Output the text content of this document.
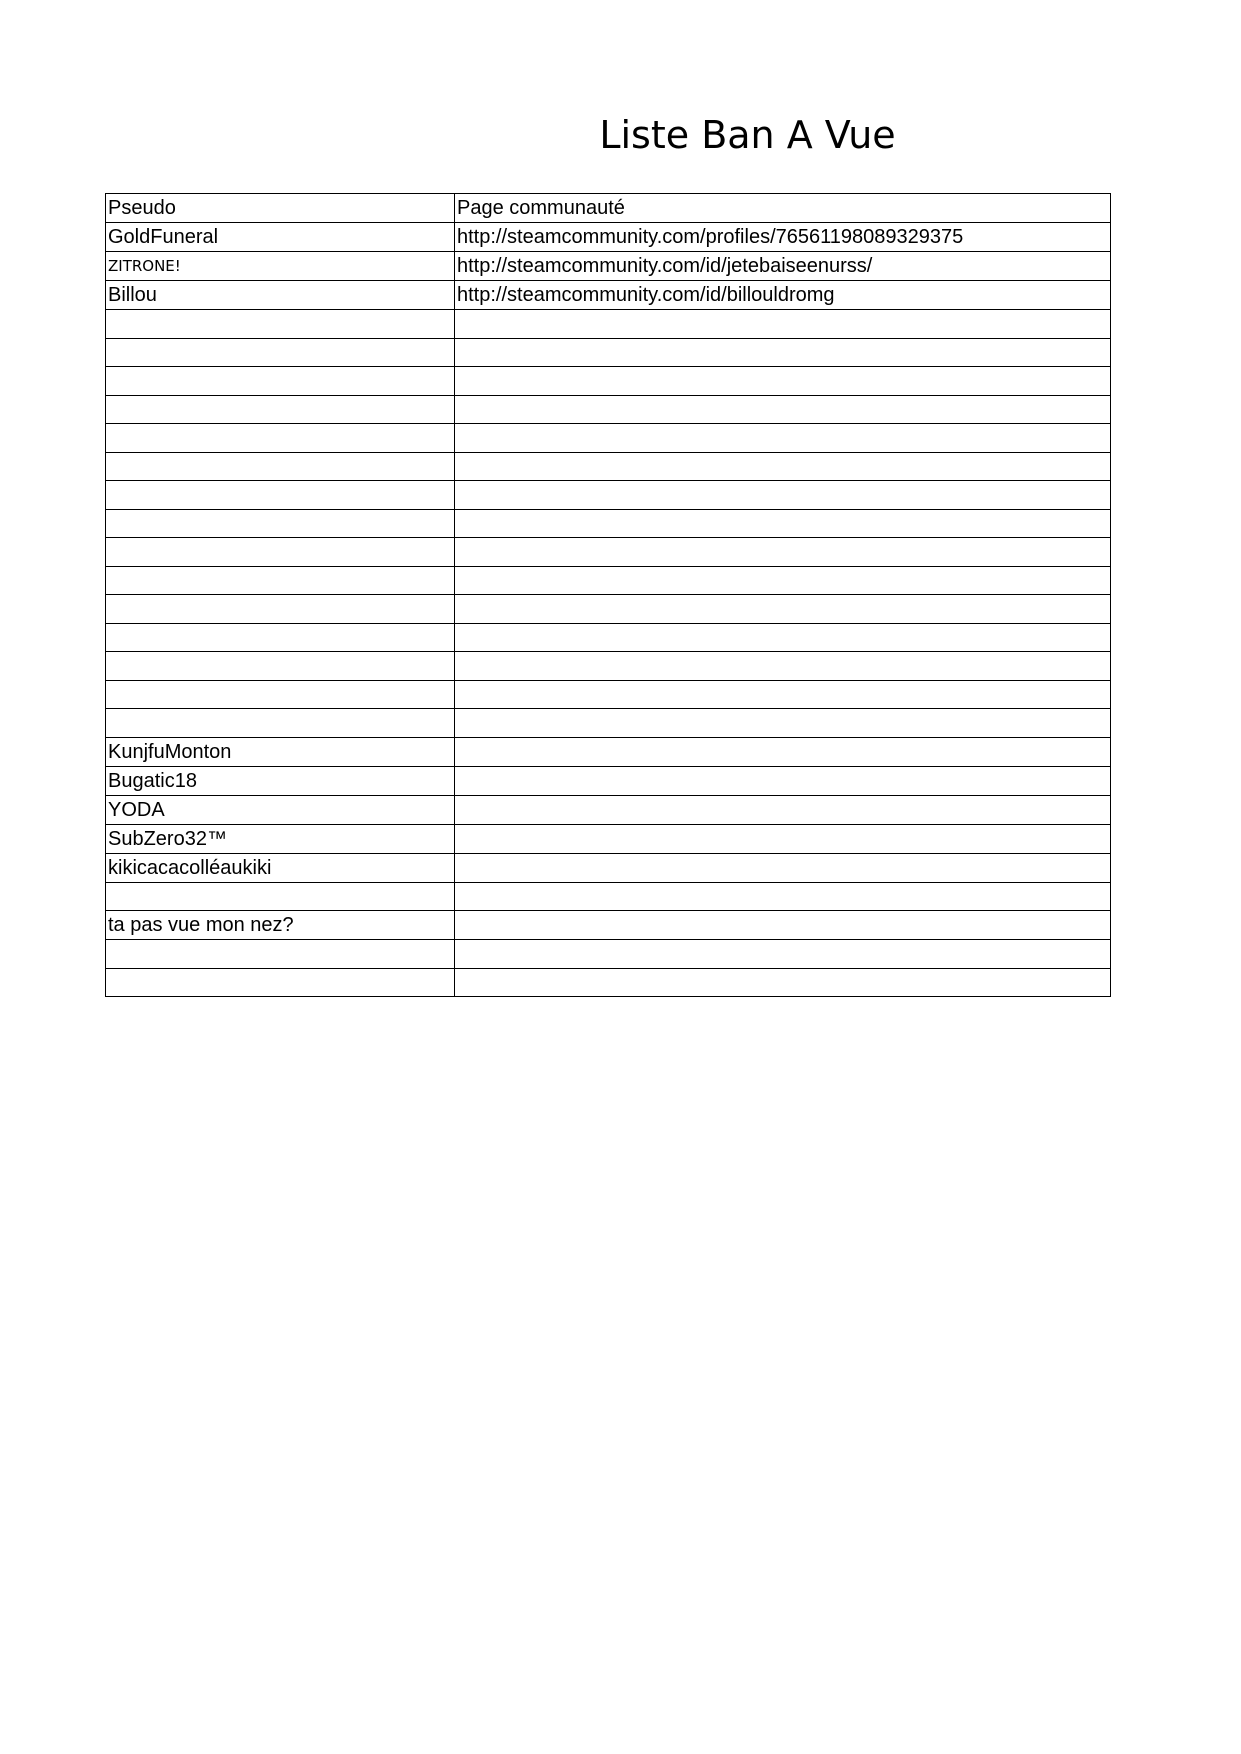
Liste Ban A Vue
Pseudo	Page communauté
GoldFuneral	http://steamcommunity.com/profiles/76561198089329375
ZITRONE!	http://steamcommunity.com/id/jetebaiseenurss/
Billou	http://steamcommunity.com/id/billouldromg

KunjfuMonton	
Bugatic18	
YODA	
SubZero32™	
kikicacacolléaukiki	

ta pas vue mon nez?	
